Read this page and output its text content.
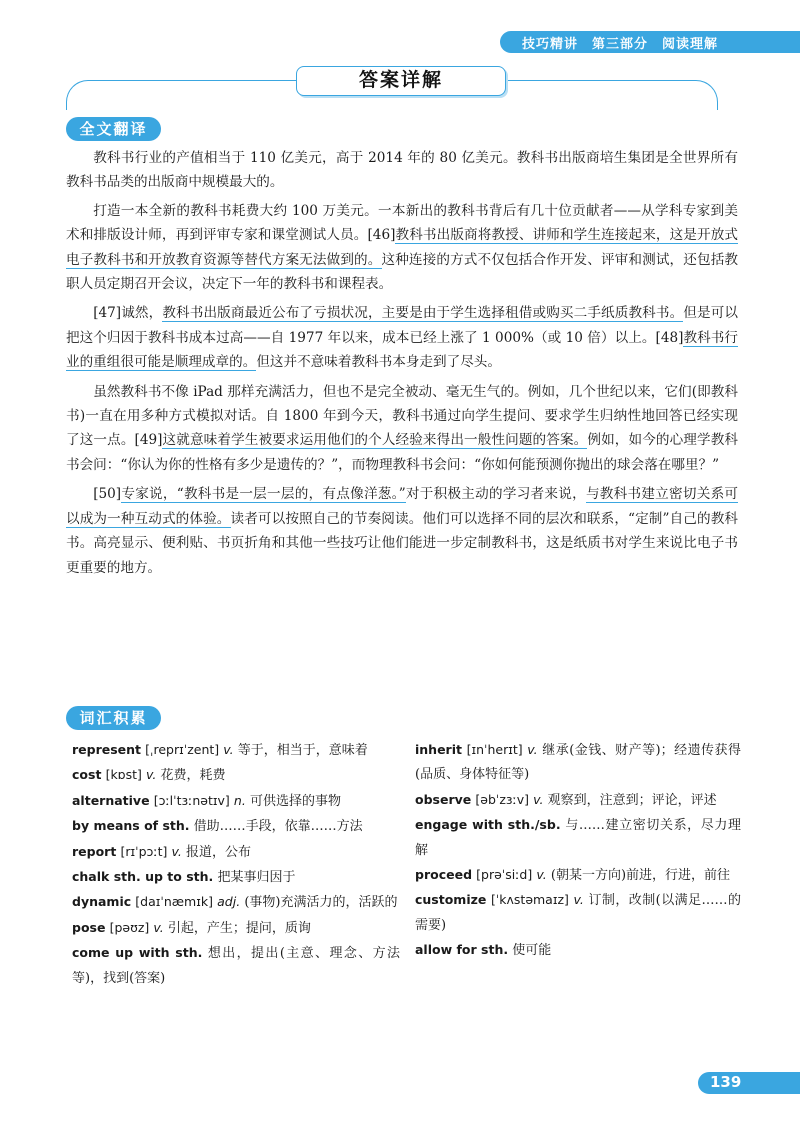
技巧精讲　第三部分　阅读理解
答案详解
全文翻译

教科书行业的产值相当于 110 亿美元，高于 2014 年的 80 亿美元。教科书出版商培生集团是全世界所有教科书品类的出版商中规模最大的。

打造一本全新的教科书耗费大约 100 万美元。一本新出的教科书背后有几十位贡献者——从学科专家到美术和排版设计师，再到评审专家和课堂测试人员。[46]教科书出版商将教授、讲师和学生连接起来，这是开放式电子教科书和开放教育资源等替代方案无法做到的。这种连接的方式不仅包括合作开发、评审和测试，还包括教职人员定期召开会议，决定下一年的教科书和课程表。

[47]诚然，教科书出版商最近公布了亏损状况，主要是由于学生选择租借或购买二手纸质教科书。但是可以把这个归因于教科书成本过高——自 1977 年以来，成本已经上涨了 1 000%（或 10 倍）以上。[48]教科书行业的重组很可能是顺理成章的。但这并不意味着教科书本身走到了尽头。

虽然教科书不像 iPad 那样充满活力，但也不是完全被动、毫无生气的。例如，几个世纪以来，它们(即教科书)一直在用多种方式模拟对话。自 1800 年到今天，教科书通过向学生提问、要求学生归纳性地回答已经实现了这一点。[49]这就意味着学生被要求运用他们的个人经验来得出一般性问题的答案。例如，如今的心理学教科书会问：“你认为你的性格有多少是遗传的？”，而物理教科书会问：“你如何能预测你抛出的球会落在哪里？”

[50]专家说，“教科书是一层一层的，有点像洋葱。”对于积极主动的学习者来说，与教科书建立密切关系可以成为一种互动式的体验。读者可以按照自己的节奏阅读。他们可以选择不同的层次和联系，“定制”自己的教科书。高亮显示、便利贴、书页折角和其他一些技巧让他们能进一步定制教科书，这是纸质书对学生来说比电子书更重要的地方。

词汇积累
represent [ˌreprɪˈzent] v. 等于，相当于，意味着
cost [kɒst] v. 花费，耗费
alternative [ɔːlˈtɜːnətɪv] n. 可供选择的事物
by means of sth. 借助……手段，依靠……方法
report [rɪˈpɔːt] v. 报道，公布
chalk sth. up to sth. 把某事归因于
dynamic [daɪˈnæmɪk] adj. (事物)充满活力的，活跃的
pose [pəʊz] v. 引起，产生；提问，质询
come up with sth. 想出，提出(主意、理念、方法等)，找到(答案)
inherit [ɪnˈherɪt] v. 继承(金钱、财产等)；经遗传获得(品质、身体特征等)
observe [əbˈzɜːv] v. 观察到，注意到；评论，评述
engage with sth./sb. 与……建立密切关系，尽力理解
proceed [prəˈsiːd] v. (朝某一方向)前进，行进，前往
customize [ˈkʌstəmaɪz] v. 订制，改制(以满足……的需要)
allow for sth. 使可能
139
